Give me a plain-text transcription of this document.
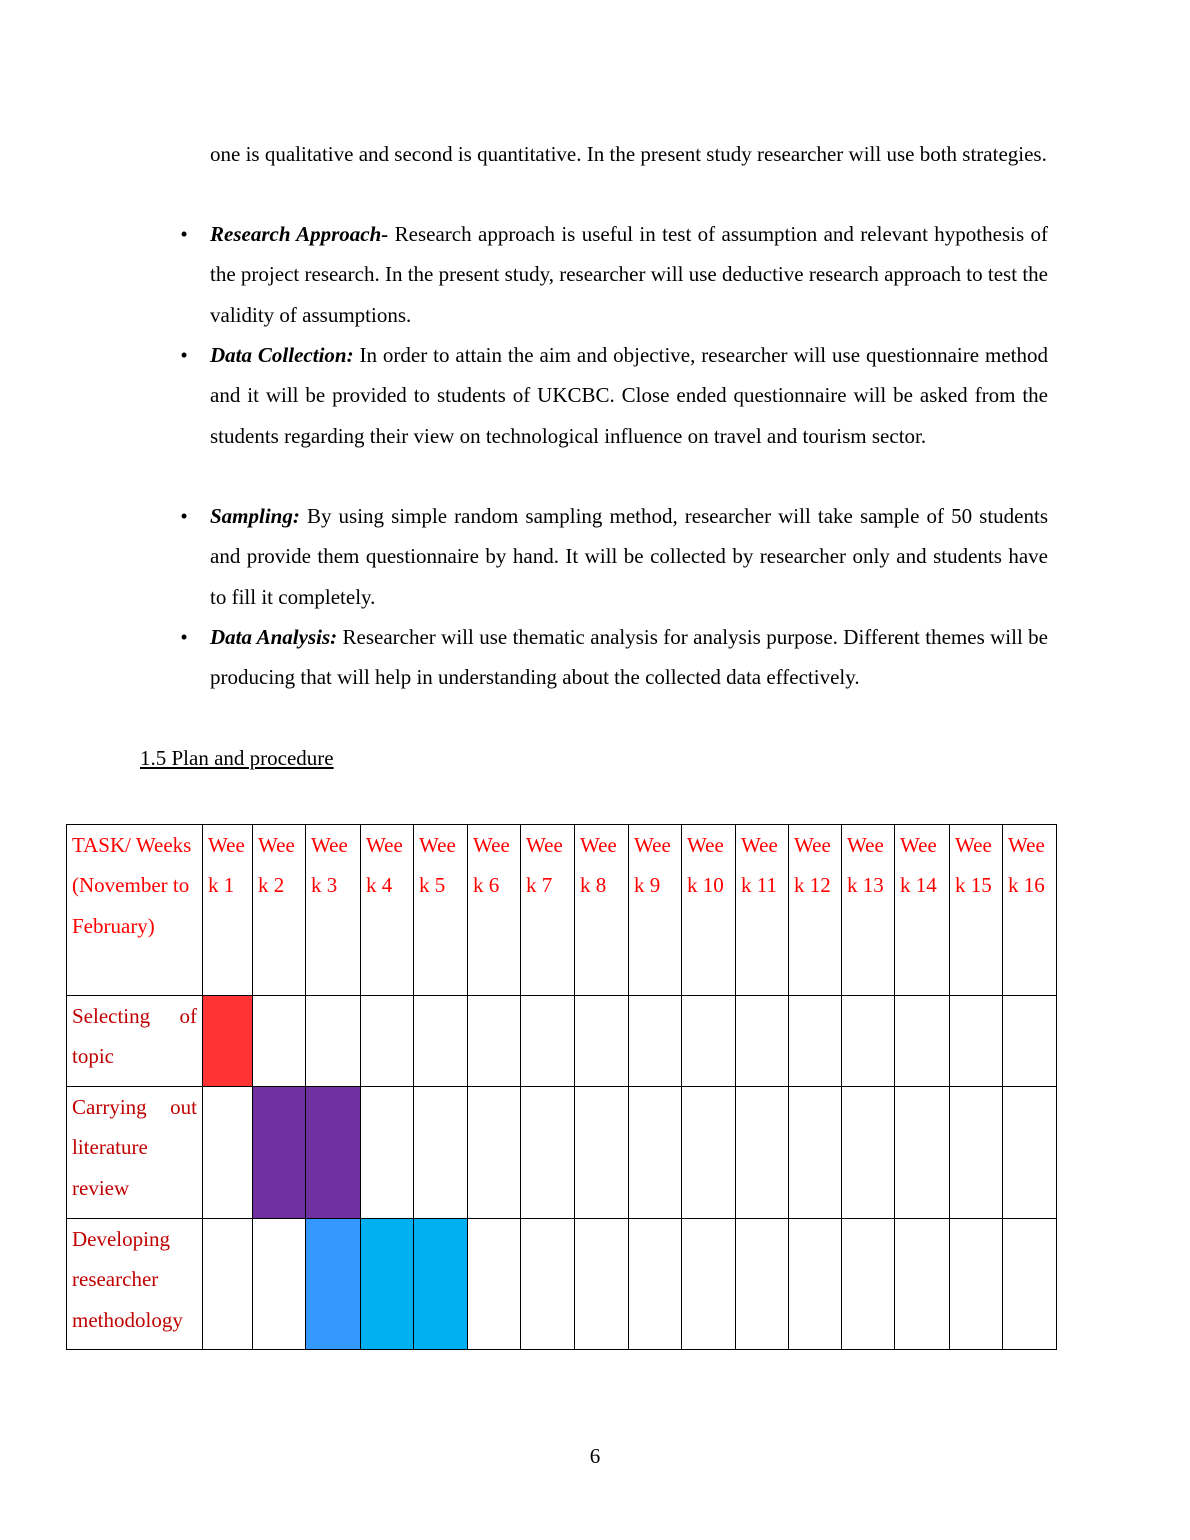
one is qualitative and second is quantitative. In the present study researcher will use both strategies.
•	Research Approach- Research approach is useful in test of assumption and relevant hypothesis of the project research. In the present study, researcher will use deductive research approach to test the validity of assumptions.
•	Data Collection: In order to attain the aim and objective, researcher will use questionnaire method and it will be provided to students of UKCBC. Close ended questionnaire will be asked from the students regarding their view on technological influence on travel and tourism sector.
•	Sampling: By using simple random sampling method, researcher will take sample of 50 students and provide them questionnaire by hand. It will be collected by researcher only and students have to fill it completely.
•	Data Analysis: Researcher will use thematic analysis for analysis purpose. Different themes will be producing that will help in understanding about the collected data effectively.
1.5 Plan and procedure
TASK/ Weeks (November to February)	Week 1	Week 2	Week 3	Week 4	Week 5	Week 6	Week 7	Week 8	Week 9	Week 10	Week 11	Week 12	Week 13	Week 14	Week 15	Week 16
Selecting of topic																
Carrying out literature review																
Developing researcher methodology																
6
